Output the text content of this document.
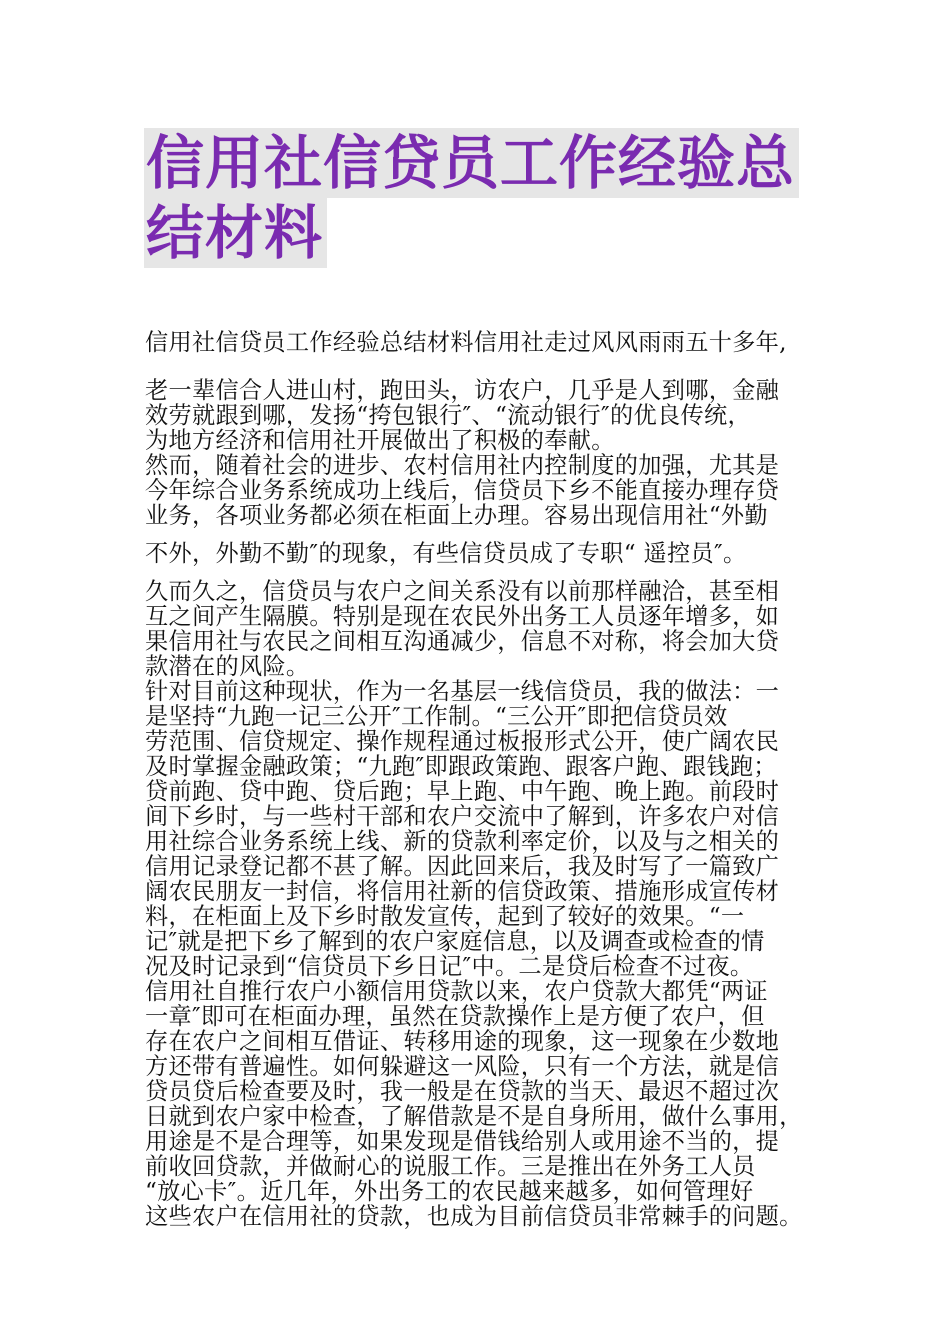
信用社信贷员工作经验总
结材料

信用社信贷员工作经验总结材料信用社走过风风雨雨五十多年,

老一辈信合人进山村，跑田头，访农户，几乎是人到哪，金融

效劳就跟到哪，发扬“挎包银行″、“流动银行″的优良传统，

为地方经济和信用社开展做出了积极的奉献。

然而，随着社会的进步、农村信用社内控制度的加强，尤其是

今年综合业务系统成功上线后，信贷员下乡不能直接办理存贷

业务，各项业务都必须在柜面上办理。容易出现信用社“外勤

不外，外勤不勤″的现象，有些信贷员成了专职“ 遥控员″。

久而久之，信贷员与农户之间关系没有以前那样融洽，甚至相

互之间产生隔膜。特别是现在农民外出务工人员逐年增多，如

果信用社与农民之间相互沟通减少，信息不对称，将会加大贷

款潜在的风险。

针对目前这种现状，作为一名基层一线信贷员，我的做法：一

是坚持“九跑一记三公开″工作制。“三公开″即把信贷员效

劳范围、信贷规定、操作规程通过板报形式公开，使广阔农民

及时掌握金融政策；“九跑″即跟政策跑、跟客户跑、跟钱跑；

贷前跑、贷中跑、贷后跑；早上跑、中午跑、晚上跑。前段时

间下乡时，与一些村干部和农户交流中了解到，许多农户对信

用社综合业务系统上线、新的贷款利率定价，以及与之相关的

信用记录登记都不甚了解。因此回来后，我及时写了一篇致广

阔农民朋友一封信，将信用社新的信贷政策、措施形成宣传材

料，在柜面上及下乡时散发宣传，起到了较好的效果。“一

记″就是把下乡了解到的农户家庭信息，以及调查或检查的情

况及时记录到“信贷员下乡日记″中。二是贷后检查不过夜。

信用社自推行农户小额信用贷款以来，农户贷款大都凭“两证

一章″即可在柜面办理，虽然在贷款操作上是方便了农户，但

存在农户之间相互借证、转移用途的现象，这一现象在少数地

方还带有普遍性。如何躲避这一风险，只有一个方法，就是信

贷员贷后检查要及时，我一般是在贷款的当天、最迟不超过次

日就到农户家中检查，了解借款是不是自身所用，做什么事用，

用途是不是合理等，如果发现是借钱给别人或用途不当的，提

前收回贷款，并做耐心的说服工作。三是推出在外务工人员

“放心卡″。近几年，外出务工的农民越来越多，如何管理好

这些农户在信用社的贷款，也成为目前信贷员非常棘手的问题。
